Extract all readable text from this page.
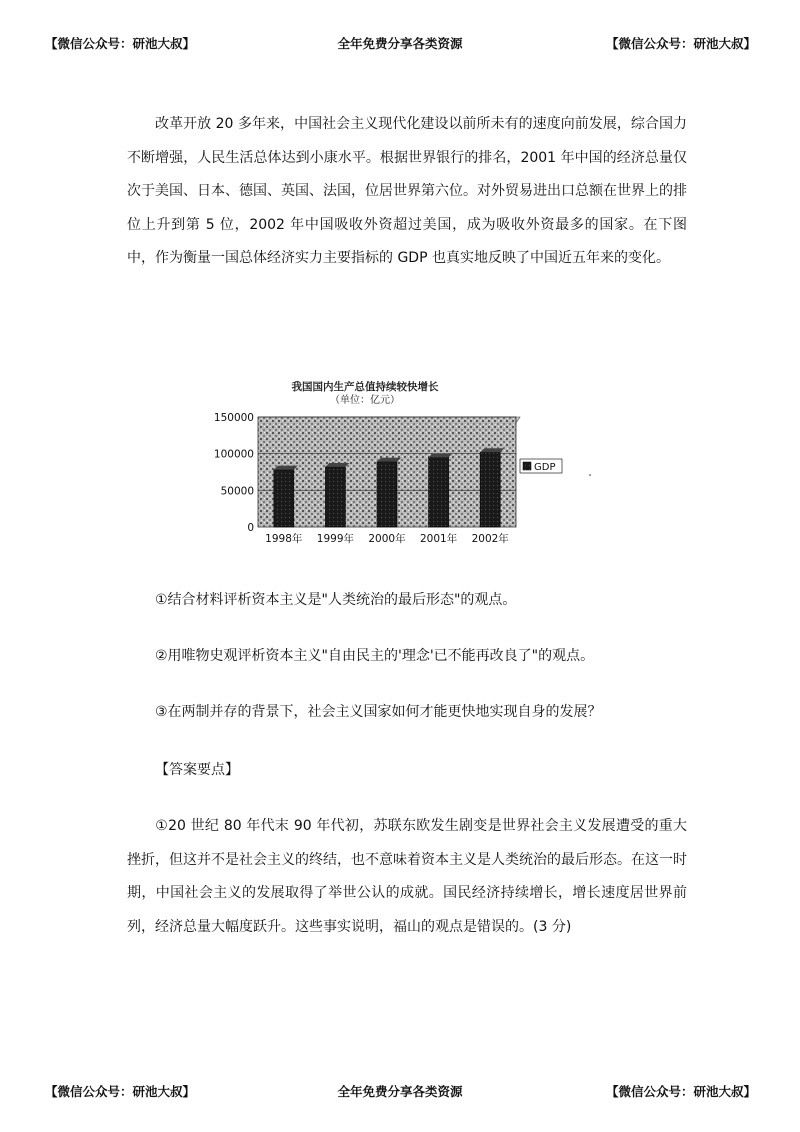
【微信公众号：研池大叔】	全年免费分享各类资源	【微信公众号：研池大叔】

改革开放 20 多年来，中国社会主义现代化建设以前所未有的速度向前发展，综合国力不断增强，人民生活总体达到小康水平。根据世界银行的排名，2001 年中国的经济总量仅次于美国、日本、德国、英国、法国，位居世界第六位。对外贸易进出口总额在世界上的排位上升到第 5 位，2002 年中国吸收外资超过美国，成为吸收外资最多的国家。在下图中，作为衡量一国总体经济实力主要指标的 GDP 也真实地反映了中国近五年来的变化。

我国国内生产总值持续较快增长
（单位：亿元）
0
50000
100000
150000
1998年 1999年 2000年 2001年 2002年
GDP
①结合材料评析资本主义是"人类统治的最后形态"的观点。
②用唯物史观评析资本主义"自由民主的'理念'已不能再改良了"的观点。
③在两制并存的背景下，社会主义国家如何才能更快地实现自身的发展？
【答案要点】

①20 世纪 80 年代末 90 年代初，苏联东欧发生剧变是世界社会主义发展遭受的重大挫折，但这并不是社会主义的终结，也不意味着资本主义是人类统治的最后形态。在这一时期，中国社会主义的发展取得了举世公认的成就。国民经济持续增长，增长速度居世界前列，经济总量大幅度跃升。这些事实说明，福山的观点是错误的。(3 分)

【微信公众号：研池大叔】	全年免费分享各类资源	【微信公众号：研池大叔】
